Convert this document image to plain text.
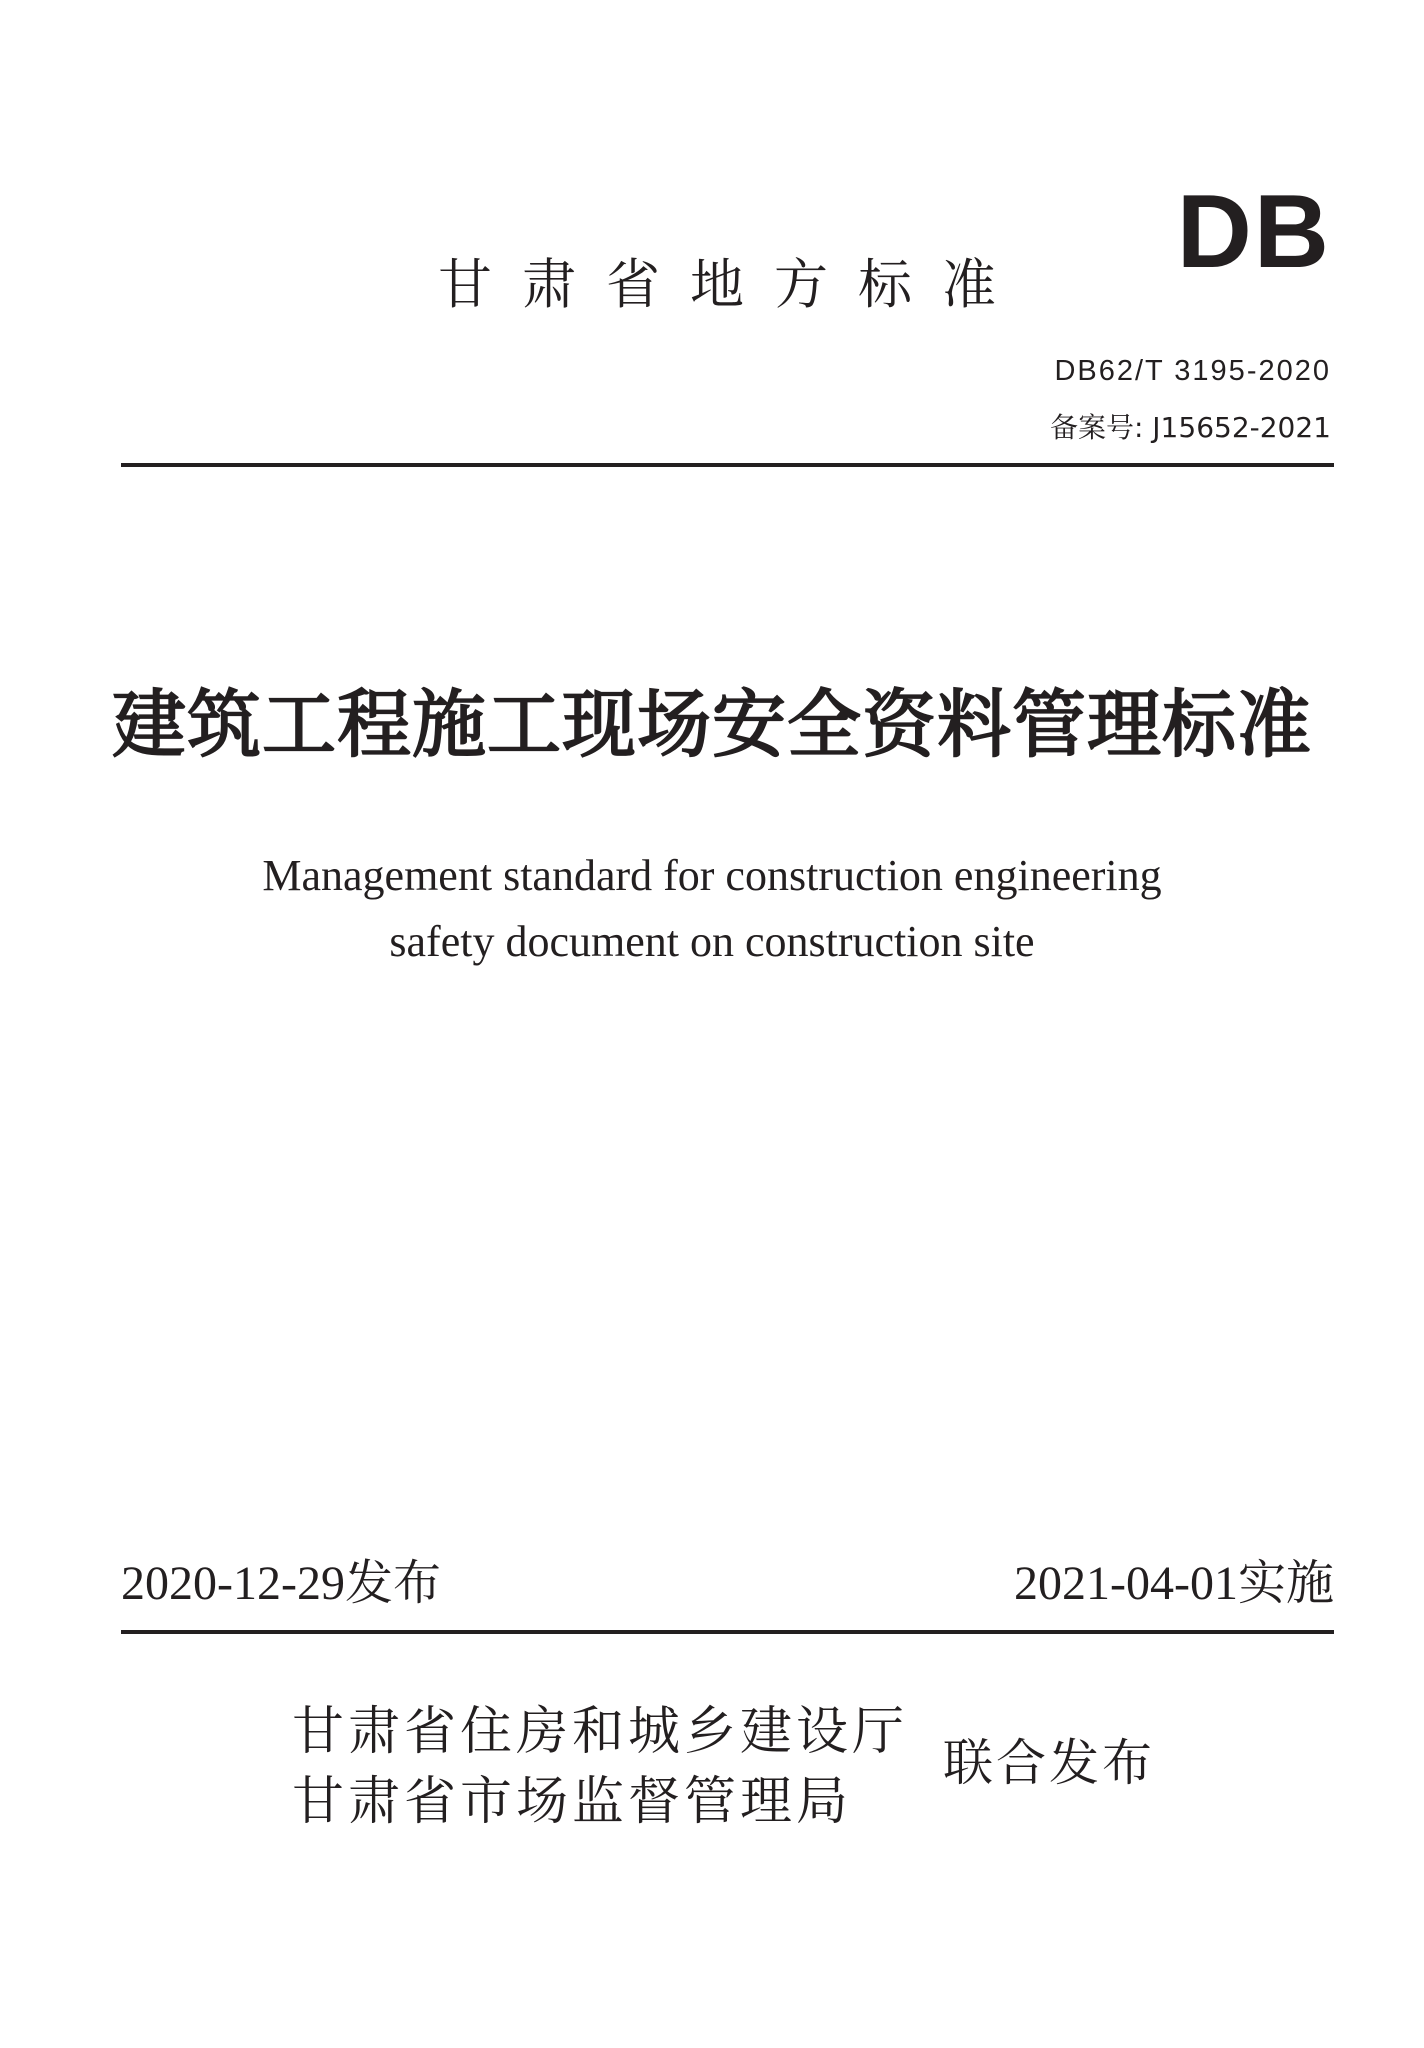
DB
甘肃省地方标准
DB62/T 3195-2020
备案号: J15652-2021
建筑工程施工现场安全资料管理标准
Management standard for construction engineering
safety document on construction site
2020-12-29发布	2021-04-01实施
甘肃省住房和城乡建设厅
甘肃省市场监督管理局
联合发布
